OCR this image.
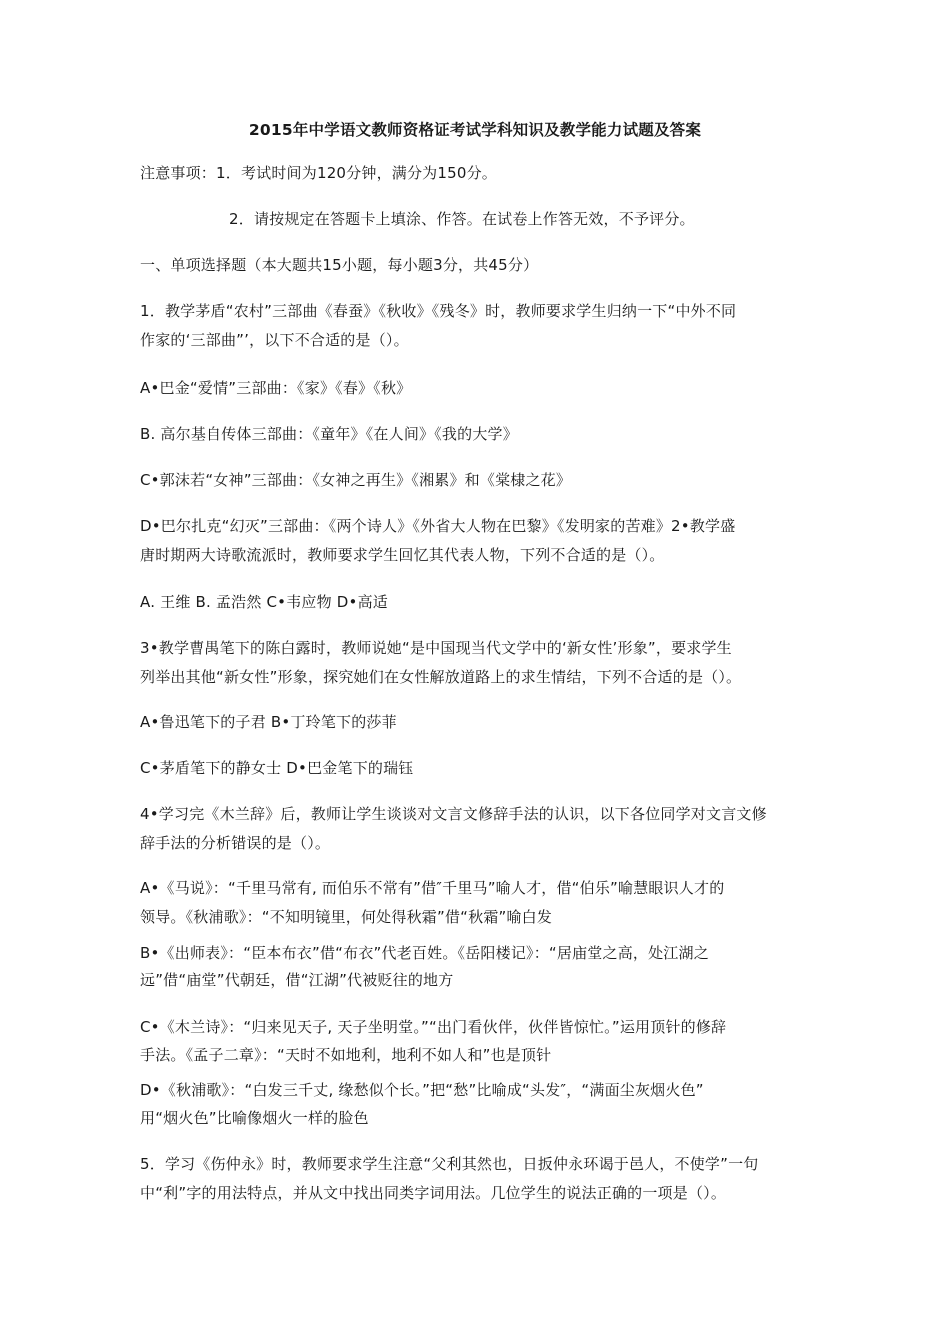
2015年中学语文教师资格证考试学科知识及教学能力试题及答案
注意事项：1．考试时间为120分钟，满分为150分。
2．请按规定在答题卡上填涂、作答。在试卷上作答无效，不予评分。
一、单项选择题（本大题共15小题，每小题3分，共45分）
1．教学茅盾“农村”三部曲《春蚕》《秋收》《残冬》时，教师要求学生归纳一下“中外不同
作家的‘三部曲”’，以下不合适的是（）。
A•巴金“爱情”三部曲：《家》《春》《秋》
B. 高尔基自传体三部曲：《童年》《在人间》《我的大学》
C•郭沫若“女神”三部曲：《女神之再生》《湘累》和《棠棣之花》
D•巴尔扎克“幻灭”三部曲：《两个诗人》《外省大人物在巴黎》《发明家的苦难》2•教学盛
唐时期两大诗歌流派时，教师要求学生回忆其代表人物，下列不合适的是（）。
A. 王维 B. 孟浩然 C•韦应物 D•高适
3•教学曹禺笔下的陈白露时，教师说她“是中国现当代文学中的‘新女性’形象”，要求学生
列举出其他“新女性”形象，探究她们在女性解放道路上的求生情结，下列不合适的是（）。
A•鲁迅笔下的子君 B•丁玲笔下的莎菲
C•茅盾笔下的静女士 D•巴金笔下的瑞钰
4•学习完《木兰辞》后，教师让学生谈谈对文言文修辞手法的认识，以下各位同学对文言文修
辞手法的分析错误的是（）。
A•《马说》：“千里马常有, 而伯乐不常有”借″千里马”喻人才，借“伯乐”喻慧眼识人才的
领导。《秋浦歌》：“不知明镜里，何处得秋霜”借“秋霜”喻白发
B•《出师表》：“臣本布衣”借“布衣”代老百姓。《岳阳楼记》：“居庙堂之高，处江湖之
远”借“庙堂”代朝廷，借“江湖”代被贬往的地方
C•《木兰诗》：“归来见天子, 天子坐明堂。”“出门看伙伴，伙伴皆惊忙。”运用顶针的修辞
手法。《孟子二章》：“天时不如地利，地利不如人和”也是顶针
D•《秋浦歌》：“白发三千丈, 缘愁似个长。”把“愁”比喻成“头发″，“满面尘灰烟火色”
用“烟火色”比喻像烟火一样的脸色
5．学习《伤仲永》时，教师要求学生注意“父利其然也，日扳仲永环谒于邑人，不使学”一句
中“利”字的用法特点，并从文中找出同类字词用法。几位学生的说法正确的一项是（）。
